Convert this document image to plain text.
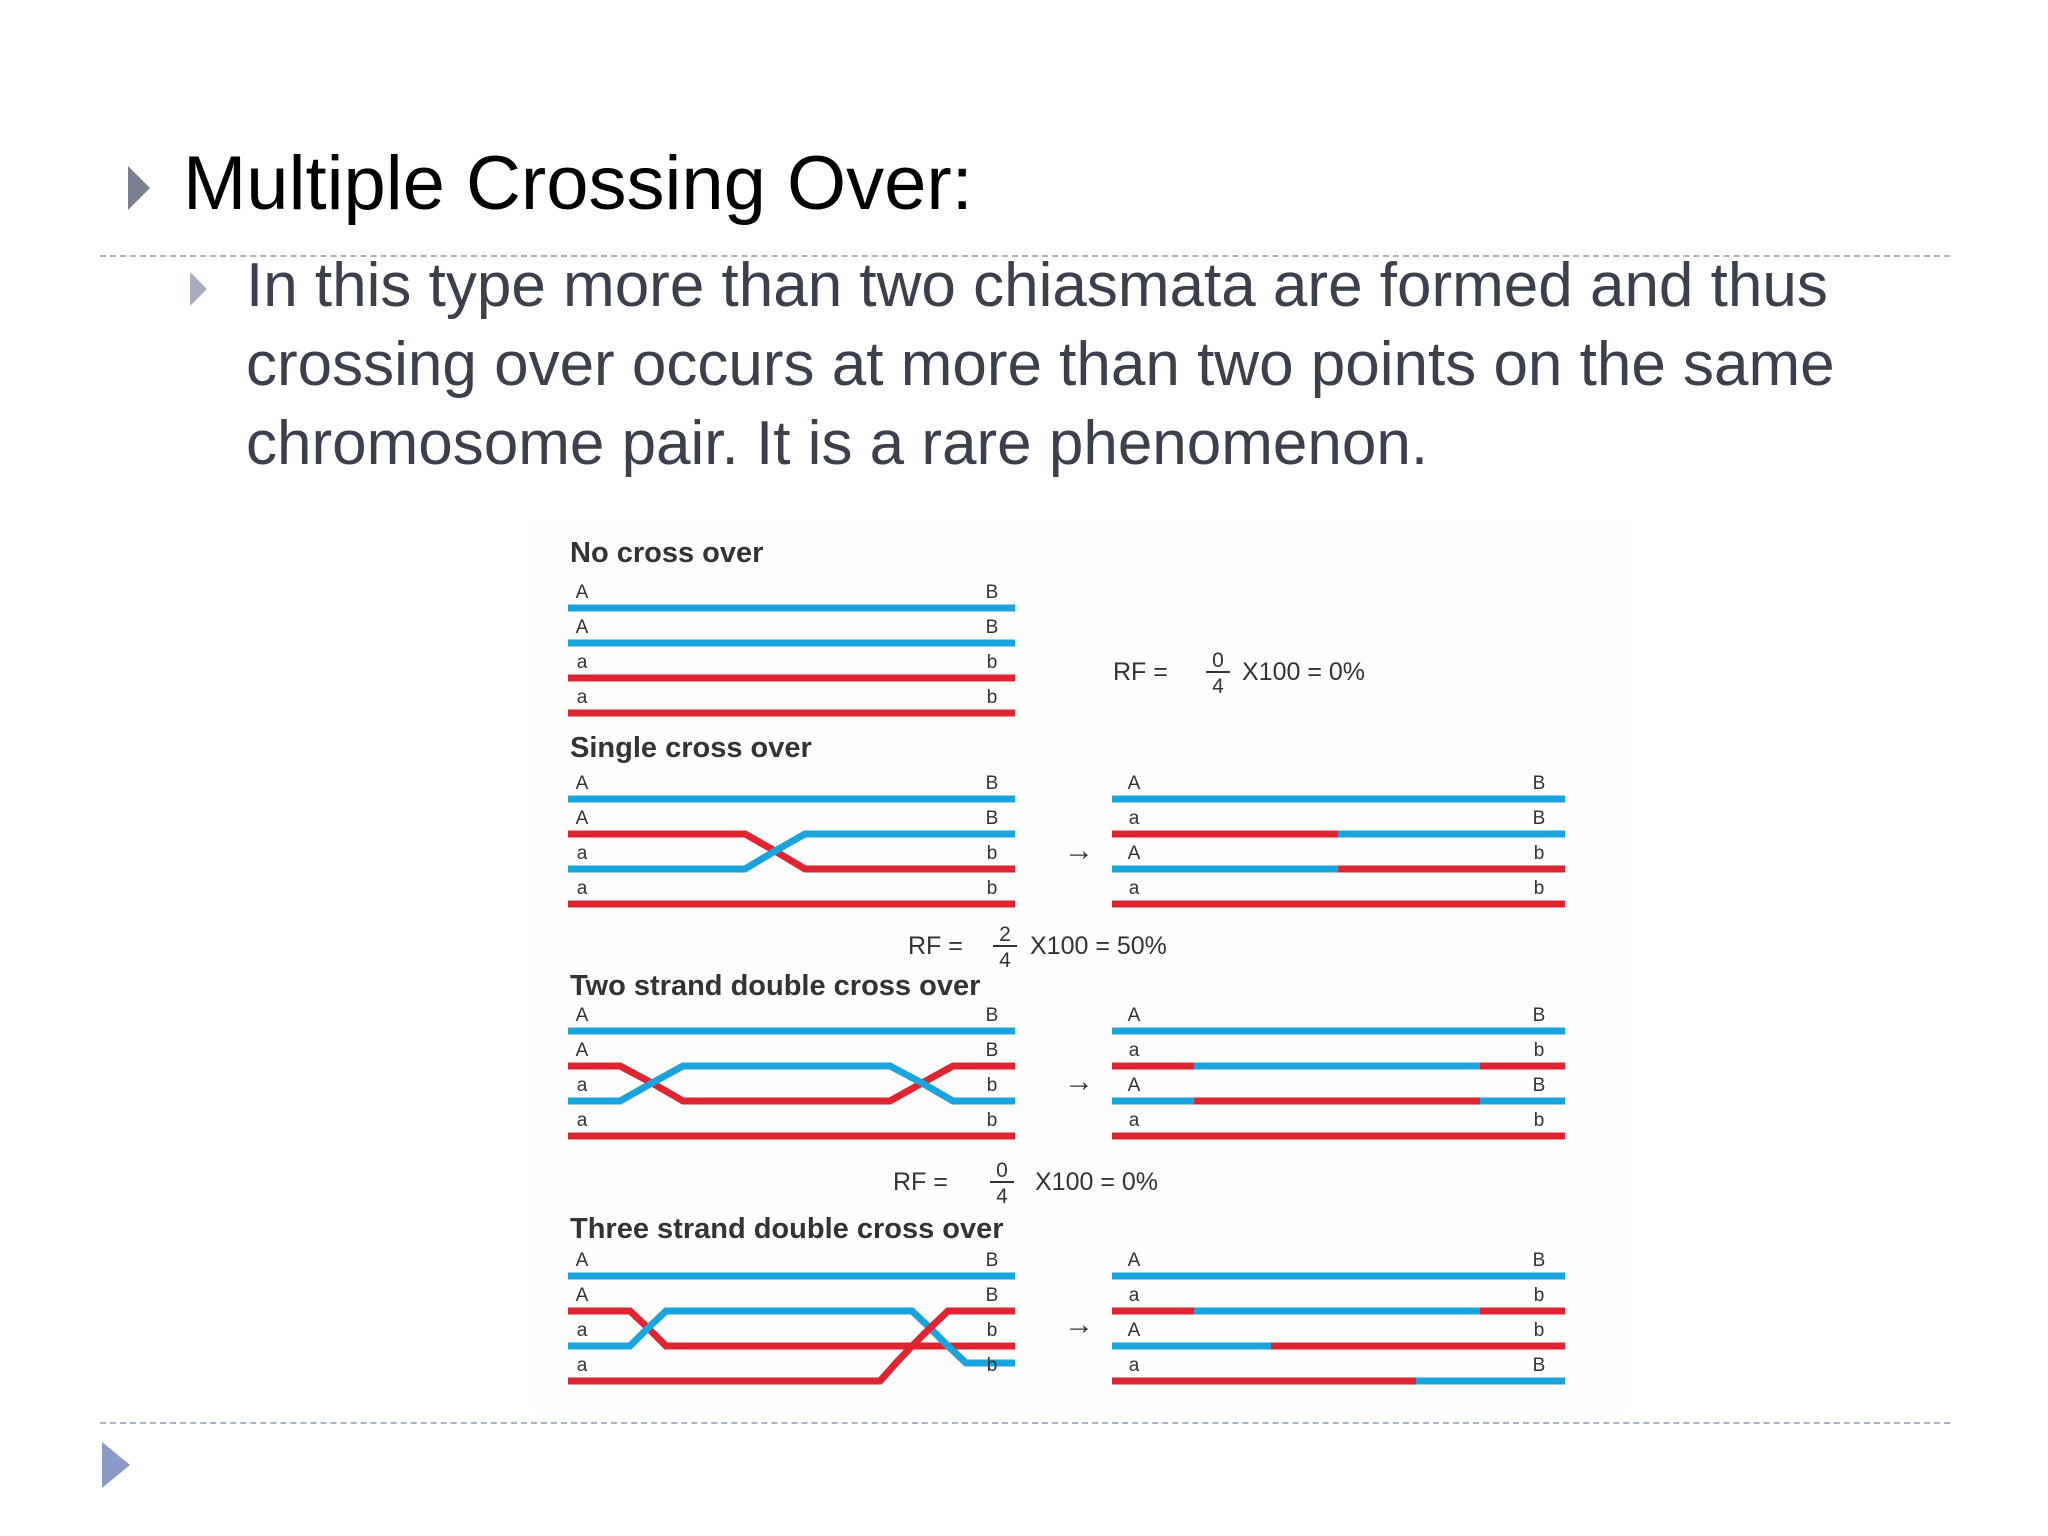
Multiple Crossing Over:
In this type more than two chiasmata are formed and thus crossing over occurs at more than two points on the same chromosome pair. It is a rare phenomenon.
No cross over
A
A
a
a
B
B
b
b
RF = 0
4
X100 = 0%
Single cross over
A
A
a
a
B
B
b
b
→
A
a
A
a
B
B
b
b
RF = 2
4
X100 = 50%
Two strand double cross over
A
A
a
a
B
B
b
b
→
A
a
A
a
B
b
B
b
RF = 0
4
X100 = 0%
Three strand double cross over
A
A
a
a
B
B
b
b
→
A
a
A
a
B
b
b
B
